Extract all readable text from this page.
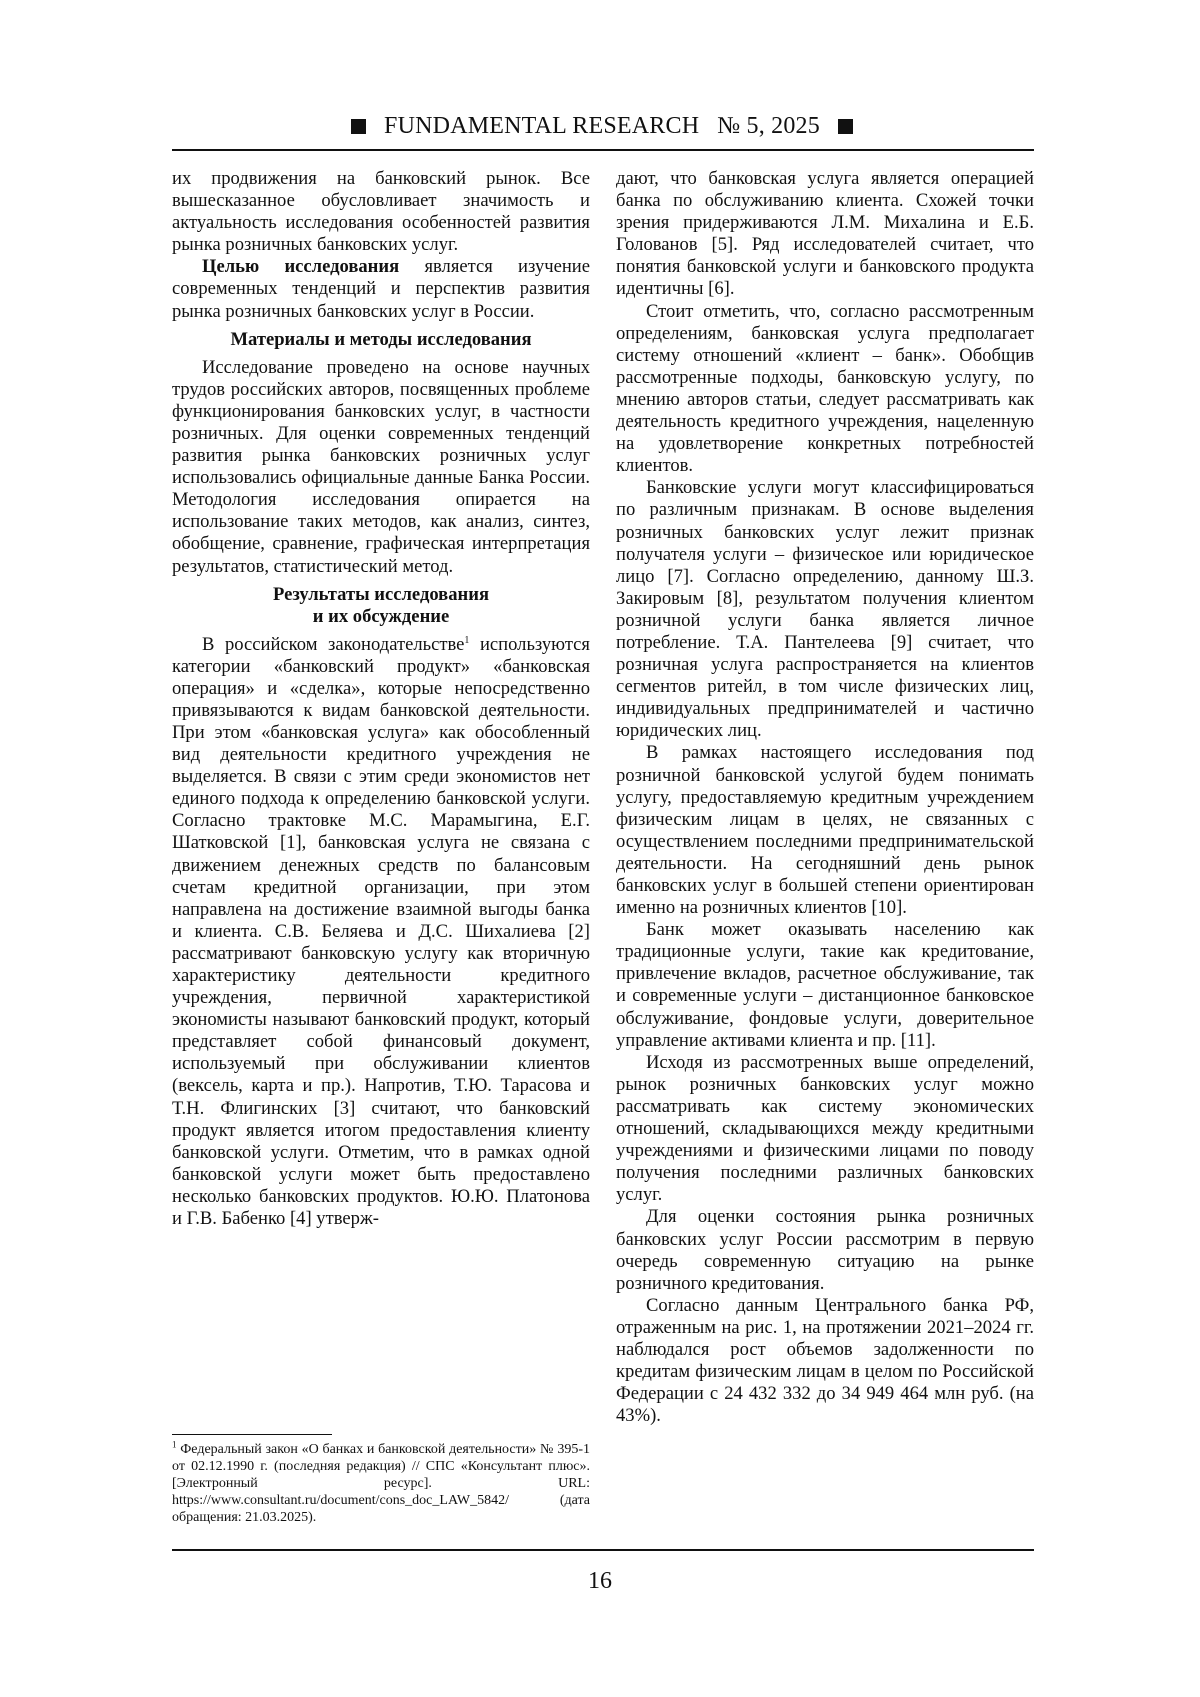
FUNDAMENTAL RESEARCH № 5, 2025

их продвижения на банковский рынок. Все вышесказанное обусловливает значимость и актуальность исследования особенностей развития рынка розничных банковских услуг.

Целью исследования является изучение современных тенденций и перспектив развития рынка розничных банковских услуг в России.

Материалы и методы исследования

Исследование проведено на основе научных трудов российских авторов, посвященных проблеме функционирования банковских услуг, в частности розничных. Для оценки современных тенденций развития рынка банковских розничных услуг использовались официальные данные Банка России. Методология исследования опирается на использование таких методов, как анализ, синтез, обобщение, сравнение, графическая интерпретация результатов, статистический метод.

Результаты исследования
и их обсуждение

В российском законодательстве$^1$ используются категории «банковский продукт» «банковская операция» и «сделка», которые непосредственно привязываются к видам банковской деятельности. При этом «банковская услуга» как обособленный вид деятельности кредитного учреждения не выделяется. В связи с этим среди экономистов нет единого подхода к определению банковской услуги. Согласно трактовке М.С. Марамыгина, Е.Г. Шатковской [1], банковская услуга не связана с движением денежных средств по балансовым счетам кредитной организации, при этом направлена на достижение взаимной выгоды банка и клиента. С.В. Беляева и Д.С. Шихалиева [2] рассматривают банковскую услугу как вторичную характеристику деятельности кредитного учреждения, первичной характеристикой экономисты называют банковский продукт, который представляет собой финансовый документ, используемый при обслуживании клиентов (вексель, карта и пр.). Напротив, Т.Ю. Тарасова и Т.Н. Флигинских [3] считают, что банковский продукт является итогом предоставления клиенту банковской услуги. Отметим, что в рамках одной банковской услуги может быть предоставлено несколько банковских продуктов. Ю.Ю. Платонова и Г.В. Бабенко [4] утверж-

$^1$ Федеральный закон «О банках и банковской деятельности» № 395-1 от 02.12.1990 г. (последняя редакция) // СПС «Консультант плюс». [Электронный ресурс]. URL: https://www.consultant.ru/document/cons_doc_LAW_5842/ (дата обращения: 21.03.2025).

дают, что банковская услуга является операцией банка по обслуживанию клиента. Схожей точки зрения придерживаются Л.М. Михалина и Е.Б. Голованов [5]. Ряд исследователей считает, что понятия банковской услуги и банковского продукта идентичны [6].

Стоит отметить, что, согласно рассмотренным определениям, банковская услуга предполагает систему отношений «клиент – банк». Обобщив рассмотренные подходы, банковскую услугу, по мнению авторов статьи, следует рассматривать как деятельность кредитного учреждения, нацеленную на удовлетворение конкретных потребностей клиентов.

Банковские услуги могут классифицироваться по различным признакам. В основе выделения розничных банковских услуг лежит признак получателя услуги – физическое или юридическое лицо [7]. Согласно определению, данному Ш.З. Закировым [8], результатом получения клиентом розничной услуги банка является личное потребление. Т.А. Пантелеева [9] считает, что розничная услуга распространяется на клиентов сегментов ритейл, в том числе физических лиц, индивидуальных предпринимателей и частично юридических лиц.

В рамках настоящего исследования под розничной банковской услугой будем понимать услугу, предоставляемую кредитным учреждением физическим лицам в целях, не связанных с осуществлением последними предпринимательской деятельности. На сегодняшний день рынок банковских услуг в большей степени ориентирован именно на розничных клиентов [10].

Банк может оказывать населению как традиционные услуги, такие как кредитование, привлечение вкладов, расчетное обслуживание, так и современные услуги – дистанционное банковское обслуживание, фондовые услуги, доверительное управление активами клиента и пр. [11].

Исходя из рассмотренных выше определений, рынок розничных банковских услуг можно рассматривать как систему экономических отношений, складывающихся между кредитными учреждениями и физическими лицами по поводу получения последними различных банковских услуг.

Для оценки состояния рынка розничных банковских услуг России рассмотрим в первую очередь современную ситуацию на рынке розничного кредитования.

Согласно данным Центрального банка РФ, отраженным на рис. 1, на протяжении 2021–2024 гг. наблюдался рост объемов задолженности по кредитам физическим лицам в целом по Российской Федерации с 24 432 332 до 34 949 464 млн руб. (на 43%).

16
